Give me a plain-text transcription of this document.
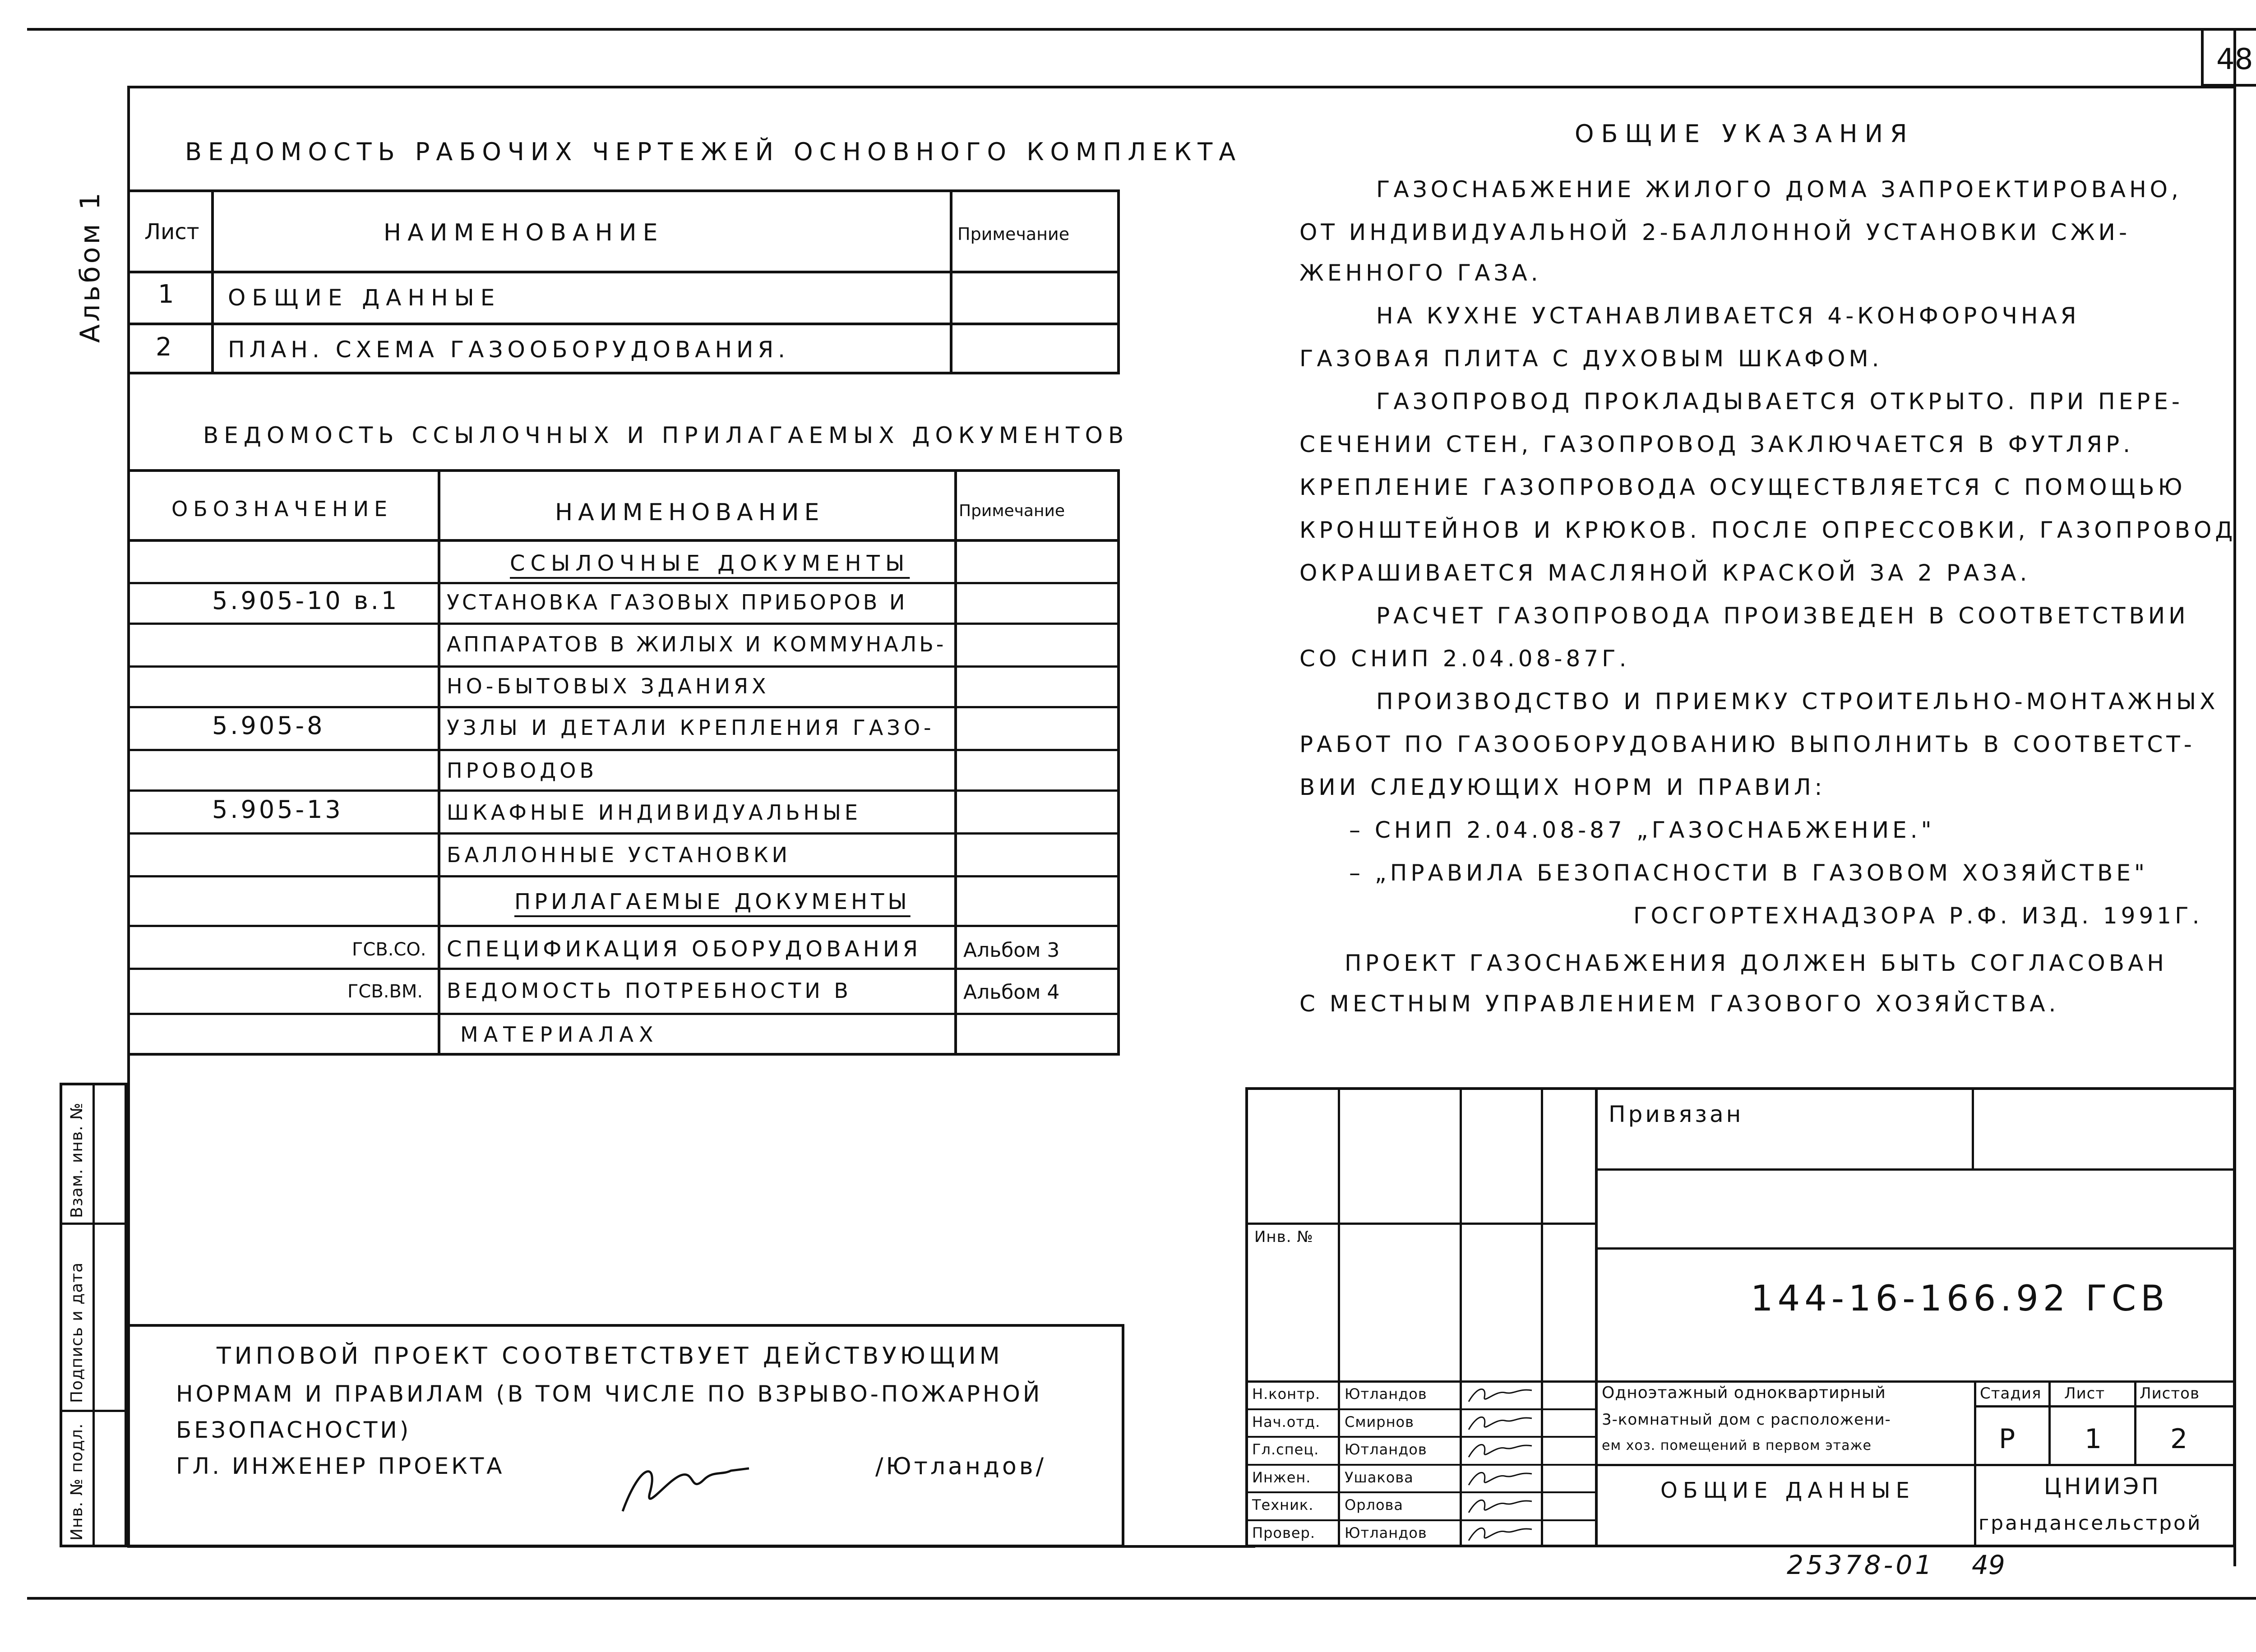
48
Альбом 1
ВЕДОМОСТЬ РАБОЧИХ ЧЕРТЕЖЕЙ ОСНОВНОГО КОМПЛЕКТА
Лист	НАИМЕНОВАНИЕ	Примечание
1 ОБЩИЕ ДАННЫЕ
2 ПЛАН. СХЕМА ГАЗООБОРУДОВАНИЯ.
ВЕДОМОСТЬ ССЫЛОЧНЫХ И ПРИЛАГАЕМЫХ ДОКУМЕНТОВ
ОБОЗНАЧЕНИЕ	НАИМЕНОВАНИЕ	Примечание
ССЫЛОЧНЫЕ ДОКУМЕНТЫ
5.905-10 в.1 УСТАНОВКА ГАЗОВЫХ ПРИБОРОВ И
АППАРАТОВ В ЖИЛЫХ И КОММУНАЛЬ-
НО-БЫТОВЫХ ЗДАНИЯХ
5.905-8	УЗЛЫ И ДЕТАЛИ КРЕПЛЕНИЯ ГАЗО-
ПРОВОДОВ
5.905-13	ШКАФНЫЕ ИНДИВИДУАЛЬНЫЕ
БАЛЛОННЫЕ УСТАНОВКИ
ПРИЛАГАЕМЫЕ ДОКУМЕНТЫ
ГСВ.СО. СПЕЦИФИКАЦИЯ ОБОРУДОВАНИЯ Альбом 3
ГСВ.ВМ. ВЕДОМОСТЬ ПОТРЕБНОСТИ В	Альбом 4
МАТЕРИАЛАХ
ОБЩИЕ УКАЗАНИЯ
ГАЗОСНАБЖЕНИЕ ЖИЛОГО ДОМА ЗАПРОЕКТИРОВАНО,
ОТ ИНДИВИДУАЛЬНОЙ 2-БАЛЛОННОЙ УСТАНОВКИ СЖИ-
ЖЕННОГО ГАЗА.
НА КУХНЕ УСТАНАВЛИВАЕТСЯ 4-КОНФОРОЧНАЯ
ГАЗОВАЯ ПЛИТА С ДУХОВЫМ ШКАФОМ.
ГАЗОПРОВОД ПРОКЛАДЫВАЕТСЯ ОТКРЫТО. ПРИ ПЕРЕ-
СЕЧЕНИИ СТЕН, ГАЗОПРОВОД ЗАКЛЮЧАЕТСЯ В ФУТЛЯР.
КРЕПЛЕНИЕ ГАЗОПРОВОДА ОСУЩЕСТВЛЯЕТСЯ С ПОМОЩЬЮ
КРОНШТЕЙНОВ И КРЮКОВ. ПОСЛЕ ОПРЕССОВКИ, ГАЗОПРОВОД
ОКРАШИВАЕТСЯ МАСЛЯНОЙ КРАСКОЙ ЗА 2 РАЗА.
РАСЧЕТ ГАЗОПРОВОДА ПРОИЗВЕДЕН В СООТВЕТСТВИИ
СО СНИП 2.04.08-87Г.
ПРОИЗВОДСТВО И ПРИЕМКУ СТРОИТЕЛЬНО-МОНТАЖНЫХ
РАБОТ ПО ГАЗООБОРУДОВАНИЮ ВЫПОЛНИТЬ В СООТВЕТСТ-
ВИИ СЛЕДУЮЩИХ НОРМ И ПРАВИЛ:
– СНИП 2.04.08-87 „ГАЗОСНАБЖЕНИЕ."
– „ПРАВИЛА БЕЗОПАСНОСТИ В ГАЗОВОМ ХОЗЯЙСТВЕ"
ГОСГОРТЕХНАДЗОРА Р.Ф. ИЗД. 1991Г.
ПРОЕКТ ГАЗОСНАБЖЕНИЯ ДОЛЖЕН БЫТЬ СОГЛАСОВАН
С МЕСТНЫМ УПРАВЛЕНИЕМ ГАЗОВОГО ХОЗЯЙСТВА.
Взам. инв. №
Подпись и дата
Инв. № подл.
ТИПОВОЙ ПРОЕКТ СООТВЕТСТВУЕТ ДЕЙСТВУЮЩИМ
НОРМАМ И ПРАВИЛАМ (В ТОМ ЧИСЛЕ ПО ВЗРЫВО-ПОЖАРНОЙ
БЕЗОПАСНОСТИ)
ГЛ. ИНЖЕНЕР ПРОЕКТА	/Ютландов/
Н.контр. Ютландов
Нач.отд. Смирнов
Гл.спец. Ютландов
Инжен. Ушакова
Техник. Орлова
Провер. Ютландов
Привязан
Инв. №
144-16-166.92 ГСВ
Одноэтажный одноквартирный
3-комнатный дом с расположени-
ем хоз. помещений в первом этаже
ОБЩИЕ ДАННЫЕ
Стадия Лист Листов
Р	1	2
ЦНИИЭП
грандансельстрой
25378-01 49
